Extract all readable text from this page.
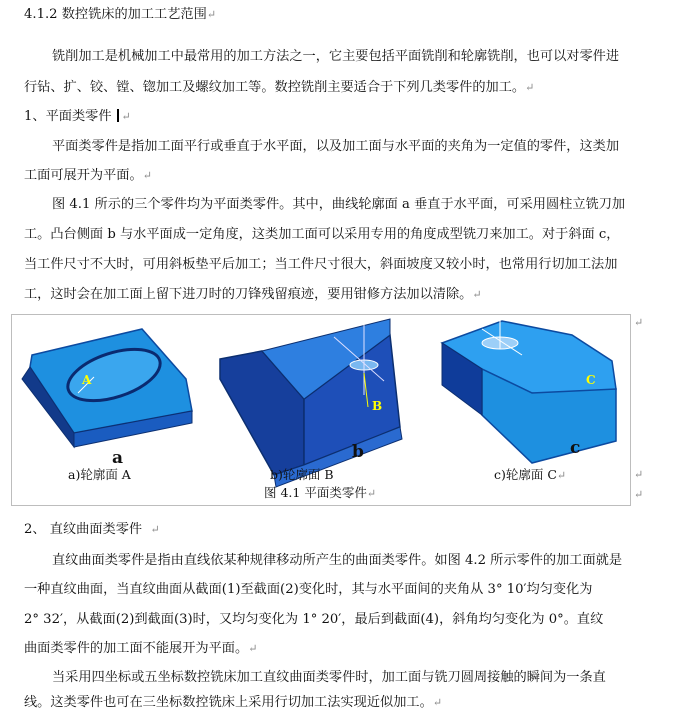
4.1.2 数控铣床的加工工艺范围↵
铣削加工是机械加工中最常用的加工方法之一，它主要包括平面铣削和轮廓铣削，也可以对零件进
行钻、扩、铰、镗、锪加工及螺纹加工等。数控铣削主要适合于下列几类零件的加工。↵
1、平面类零件 ↵
平面类零件是指加工面平行或垂直于水平面，以及加工面与水平面的夹角为一定值的零件，这类加
工面可展开为平面。↵
图 4.1 所示的三个零件均为平面类零件。其中，曲线轮廓面 a 垂直于水平面，可采用圆柱立铣刀加
工。凸台侧面 b 与水平面成一定角度，这类加工面可以采用专用的角度成型铣刀来加工。对于斜面 c，
当工件尺寸不大时，可用斜板垫平后加工；当工件尺寸很大，斜面坡度又较小时，也常用行切加工法加
工，这时会在加工面上留下进刀时的刀锋残留痕迹，要用钳修方法加以清除。↵
A
B
C
a	b	c
a)轮廓面 A	b)轮廓面 B	c)轮廓面 C↵
图 4.1 平面类零件↵
↵
↵
↵
2、 直纹曲面类零件 ↵
直纹曲面类零件是指由直线依某种规律移动所产生的曲面类零件。如图 4.2 所示零件的加工面就是
一种直纹曲面，当直纹曲面从截面(1)至截面(2)变化时，其与水平面间的夹角从 3° 10′均匀变化为
2° 32′，从截面(2)到截面(3)时，又均匀变化为 1° 20′，最后到截面(4)，斜角均匀变化为 0°。直纹
曲面类零件的加工面不能展开为平面。↵
当采用四坐标或五坐标数控铣床加工直纹曲面类零件时，加工面与铣刀圆周接触的瞬间为一条直
线。这类零件也可在三坐标数控铣床上采用行切加工法实现近似加工。↵
